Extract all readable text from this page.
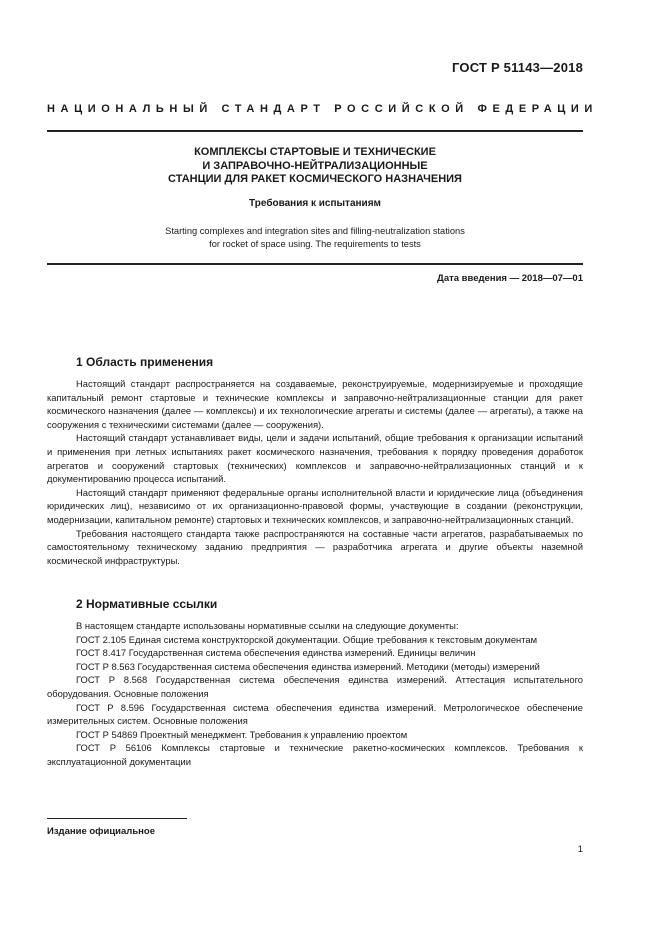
ГОСТ Р 51143—2018
НАЦИОНАЛЬНЫЙ СТАНДАРТ РОССИЙСКОЙ ФЕДЕРАЦИИ
КОМПЛЕКСЫ СТАРТОВЫЕ И ТЕХНИЧЕСКИЕ
И ЗАПРАВОЧНО-НЕЙТРАЛИЗАЦИОННЫЕ
СТАНЦИИ ДЛЯ РАКЕТ КОСМИЧЕСКОГО НАЗНАЧЕНИЯ
Требования к испытаниям
Starting complexes and integration sites and filling-neutralization stations
for rocket of space using. The requirements to tests
Дата введения — 2018—07—01
1 Область применения

Настоящий стандарт распространяется на создаваемые, реконструируемые, модернизируемые и проходящие капитальный ремонт стартовые и технические комплексы и заправочно-нейтрализационные станции для ракет космического назначения (далее — комплексы) и их технологические агрегаты и системы (далее — агрегаты), а также на сооружения с техническими системами (далее — сооружения).

Настоящий стандарт устанавливает виды, цели и задачи испытаний, общие требования к организации испытаний и применения при летных испытаниях ракет космического назначения, требования к порядку проведения доработок агрегатов и сооружений стартовых (технических) комплексов и заправочно-нейтрализационных станций и к документированию процесса испытаний.

Настоящий стандарт применяют федеральные органы исполнительной власти и юридические лица (объединения юридических лиц), независимо от их организационно-правовой формы, участвующие в создании (реконструкции, модернизации, капитальном ремонте) стартовых и технических комплексов, и заправочно-нейтрализационных станций.

Требования настоящего стандарта также распространяются на составные части агрегатов, разрабатываемых по самостоятельному техническому заданию предприятия — разработчика агрегата и другие объекты наземной космической инфраструктуры.

2 Нормативные ссылки

В настоящем стандарте использованы нормативные ссылки на следующие документы:

ГОСТ 2.105 Единая система конструкторской документации. Общие требования к текстовым документам

ГОСТ 8.417 Государственная система обеспечения единства измерений. Единицы величин

ГОСТ Р 8.563 Государственная система обеспечения единства измерений. Методики (методы) измерений

ГОСТ Р 8.568 Государственная система обеспечения единства измерений. Аттестация испытательного оборудования. Основные положения

ГОСТ Р 8.596 Государственная система обеспечения единства измерений. Метрологическое обеспечение измерительных систем. Основные положения

ГОСТ Р 54869 Проектный менеджмент. Требования к управлению проектом

ГОСТ Р 56106 Комплексы стартовые и технические ракетно-космических комплексов. Требования к эксплуатационной документации

Издание официальное
1
